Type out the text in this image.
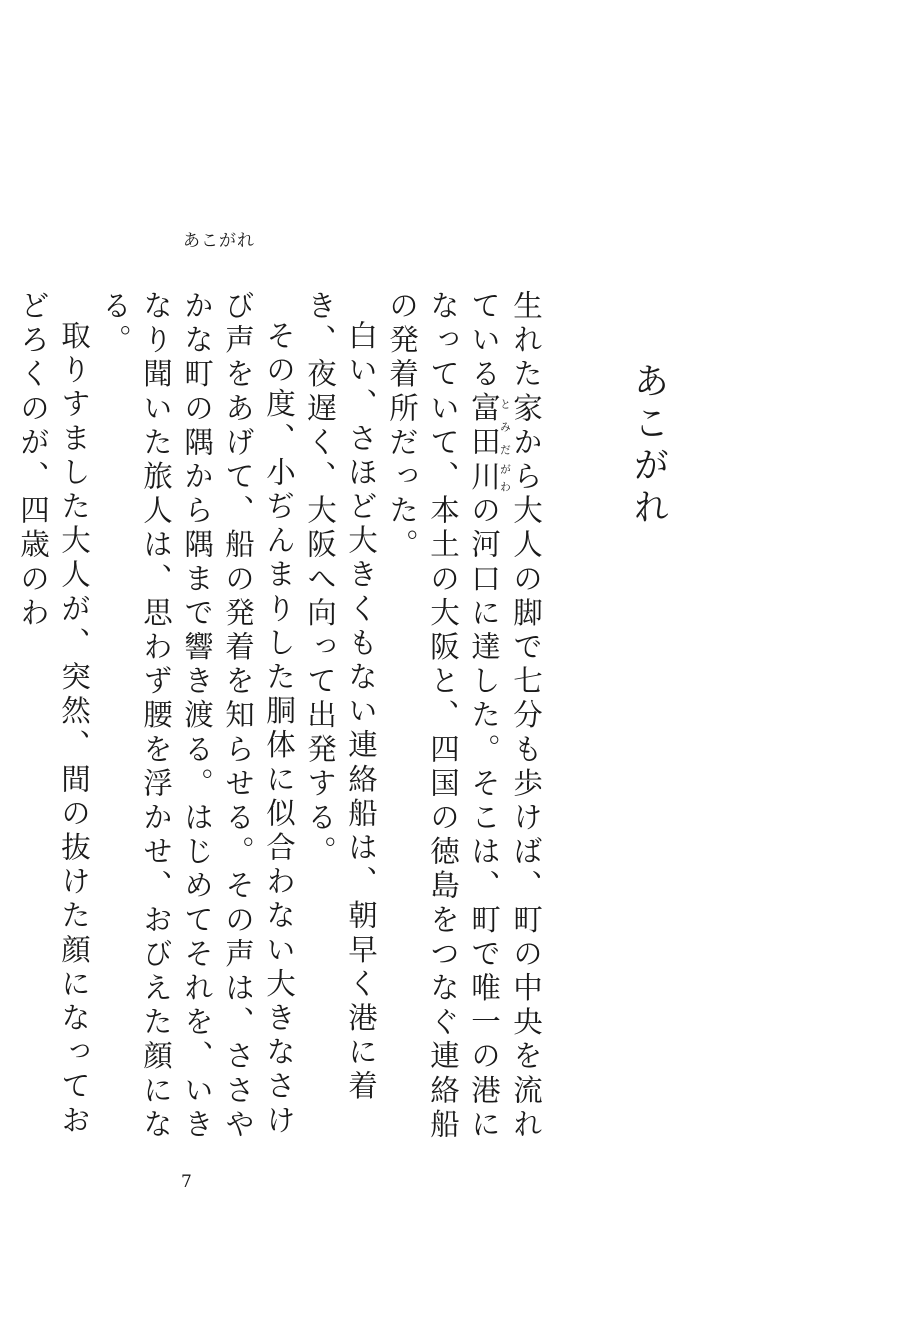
あこがれ
あこがれ

生れた家から大人の脚で七分も歩けば、町の中央を流れている富田とみだ川がわの河口に達した。そこは、町で唯一の港になっていて、本土の大阪と、四国の徳島をつなぐ連絡船の発着所だった。

白い、さほど大きくもない連絡船は、朝早く港に着き、夜遅く、大阪へ向って出発する。

その度、小ぢんまりした胴体に似合わない大きなさけび声をあげて、船の発着を知らせる。その声は、ささやかな町の隅から隅まで響き渡る。はじめてそれを、いきなり聞いた旅人は、思わず腰を浮かせ、おびえた顔になる。

取りすました大人が、突然、間の抜けた顔になっておどろくのが、四歳のわ

7
